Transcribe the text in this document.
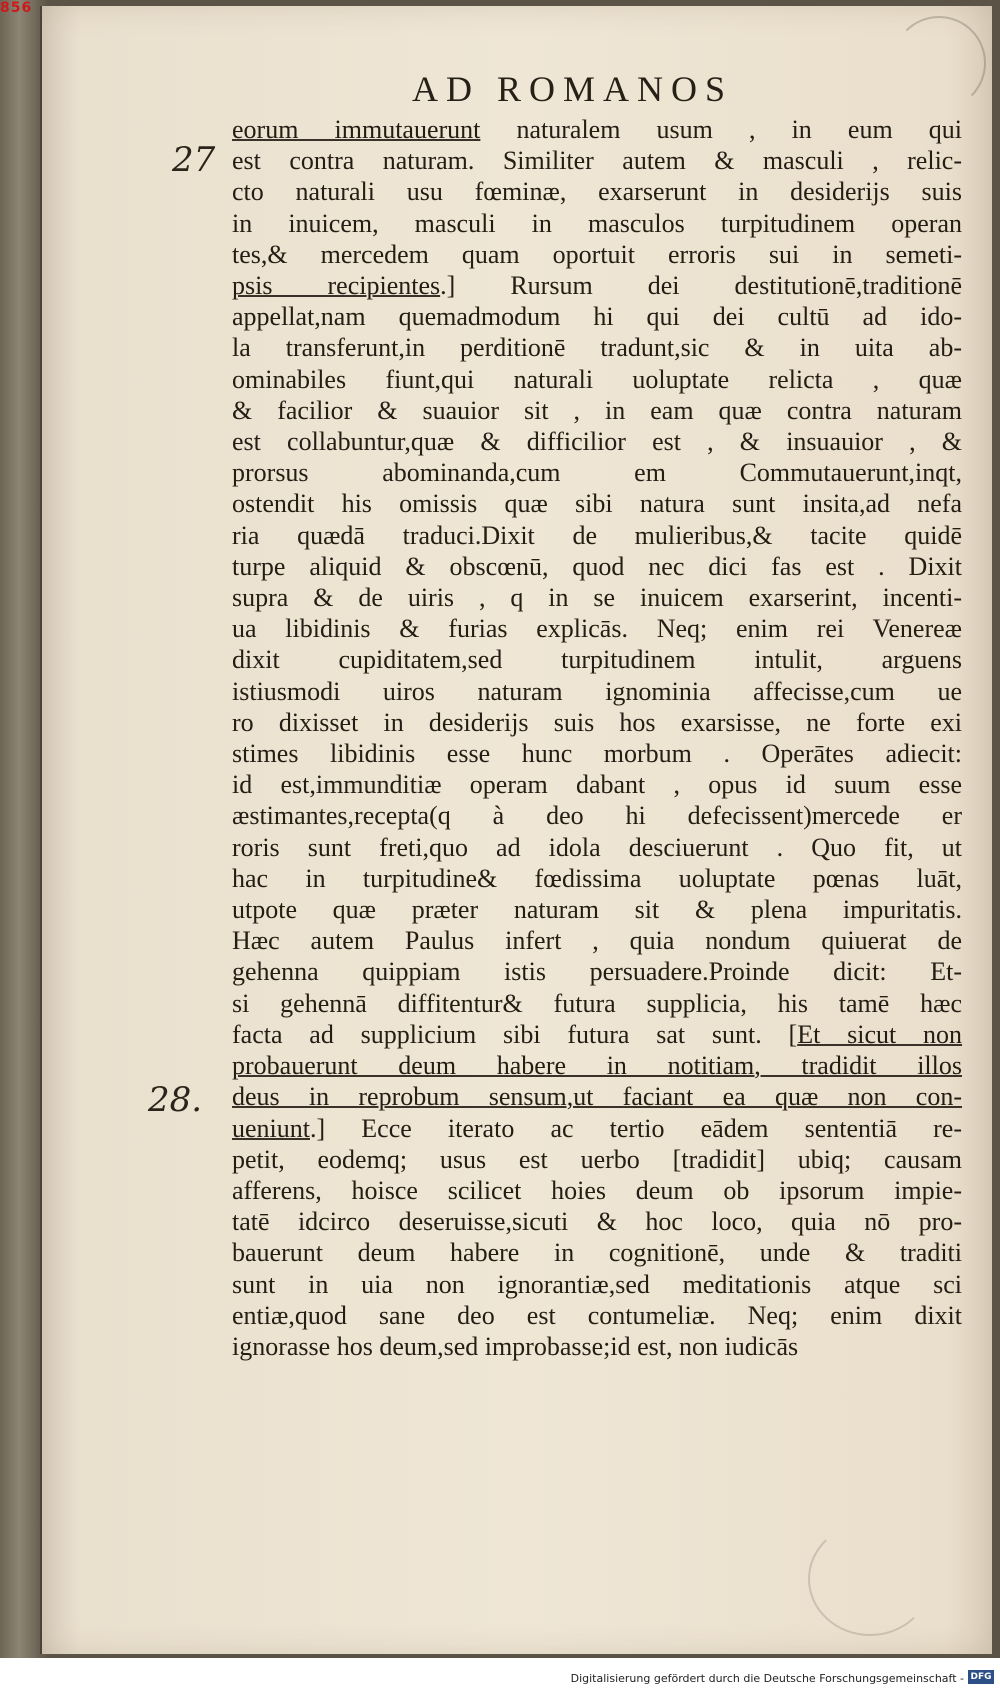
856
AD ROMANOS
27
28.
eorum immutauerunt naturalem usum , in eum qui
est contra naturam. Similiter autem & masculi , relic-
cto naturali usu fœminæ, exarserunt in desiderijs suis
in inuicem, masculi in masculos turpitudinem operan
tes,& mercedem quam oportuit erroris sui in semeti-
psis recipientes.] Rursum dei destitutionē,traditionē
appellat,nam quemadmodum hi qui dei cultū ad ido-
la transferunt,in perditionē tradunt,sic & in uita ab-
ominabiles fiunt,qui naturali uoluptate relicta , quæ
& facilior & suauior sit , in eam quæ contra naturam
est collabuntur,quæ & difficilior est , & insuauior , &
prorsus abominanda,cum em Commutauerunt,inqt,
ostendit his omissis quæ sibi natura sunt insita,ad nefa
ria quædā traduci.Dixit de mulieribus,& tacite quidē
turpe aliquid & obscœnū, quod nec dici fas est . Dixit
supra & de uiris , q in se inuicem exarserint, incenti-
ua libidinis & furias explicās. Neq; enim rei Venereæ
dixit cupiditatem,sed turpitudinem intulit, arguens
istiusmodi uiros naturam ignominia affecisse,cum ue
ro dixisset in desiderijs suis hos exarsisse, ne forte exi
stimes libidinis esse hunc morbum . Operātes adiecit:
id est,immunditiæ operam dabant , opus id suum esse
æstimantes,recepta(q à deo hi defecissent)mercede er
roris sunt freti,quo ad idola desciuerunt . Quo fit, ut
hac in turpitudine& fœdissima uoluptate pœnas luāt,
utpote quæ præter naturam sit & plena impuritatis.
Hæc autem Paulus infert , quia nondum quiuerat de
gehenna quippiam istis persuadere.Proinde dicit: Et-
si gehennā diffitentur& futura supplicia, his tamē hæc
facta ad supplicium sibi futura sat sunt. [Et sicut non
probauerunt deum habere in notitiam, tradidit illos
deus in reprobum sensum,ut faciant ea quæ non con-
ueniunt.] Ecce iterato ac tertio eādem sententiā re-
petit, eodemq; usus est uerbo [tradidit] ubiq; causam
afferens, hoisce scilicet hoies deum ob ipsorum impie-
tatē idcirco deseruisse,sicuti & hoc loco, quia nō pro-
bauerunt deum habere in cognitionē, unde & traditi
sunt in uia non ignorantiæ,sed meditationis atque sci
entiæ,quod sane deo est contumeliæ. Neq; enim dixit
ignorasse hos deum,sed improbasse;id est, non iudicās
Digitalisierung gefördert durch die Deutsche Forschungsgemeinschaft - DFG
